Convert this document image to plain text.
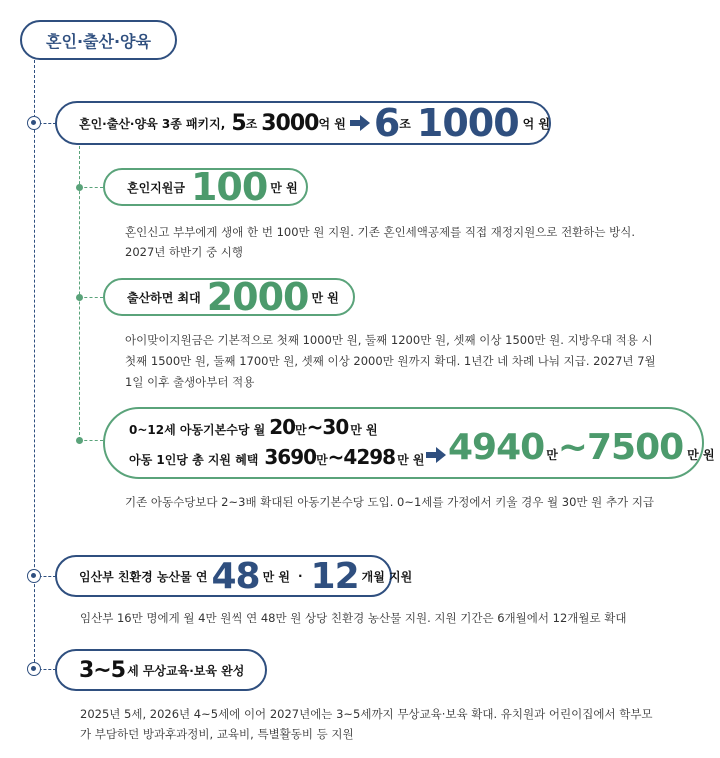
혼인·출산·양육
혼인·출산·양육 3종 패키지, 5 조 3000 억 원 6 조 1000 억 원
혼인지원금 100 만 원
혼인신고 부부에게 생애 한 번 100만 원 지원. 기존 혼인세액공제를 직접 재정지원으로 전환하는 방식.
2027년 하반기 중 시행
출산하면 최대 2000 만 원
아이맞이지원금은 기본적으로 첫째 1000만 원, 둘째 1200만 원, 셋째 이상 1500만 원. 지방우대 적용 시
첫째 1500만 원, 둘째 1700만 원, 셋째 이상 2000만 원까지 확대. 1년간 네 차례 나눠 지급. 2027년 7월
1일 이후 출생아부터 적용
0~12세 아동기본수당 월 20 만 ~ 30 만 원
아동 1인당 총 지원 혜택 3690 만 ~ 4298 만 원 4940 만 ~ 7500 만 원
기존 아동수당보다 2~3배 확대된 아동기본수당 도입. 0~1세를 가정에서 키울 경우 월 30만 원 추가 지급
임산부 친환경 농산물 연 48 만 원 · 12 개월 지원
임산부 16만 명에게 월 4만 원씩 연 48만 원 상당 친환경 농산물 지원. 지원 기간은 6개월에서 12개월로 확대
3~5 세 무상교육·보육 완성
2025년 5세, 2026년 4~5세에 이어 2027년에는 3~5세까지 무상교육·보육 확대. 유치원과 어린이집에서 학부모
가 부담하던 방과후과정비, 교육비, 특별활동비 등 지원
